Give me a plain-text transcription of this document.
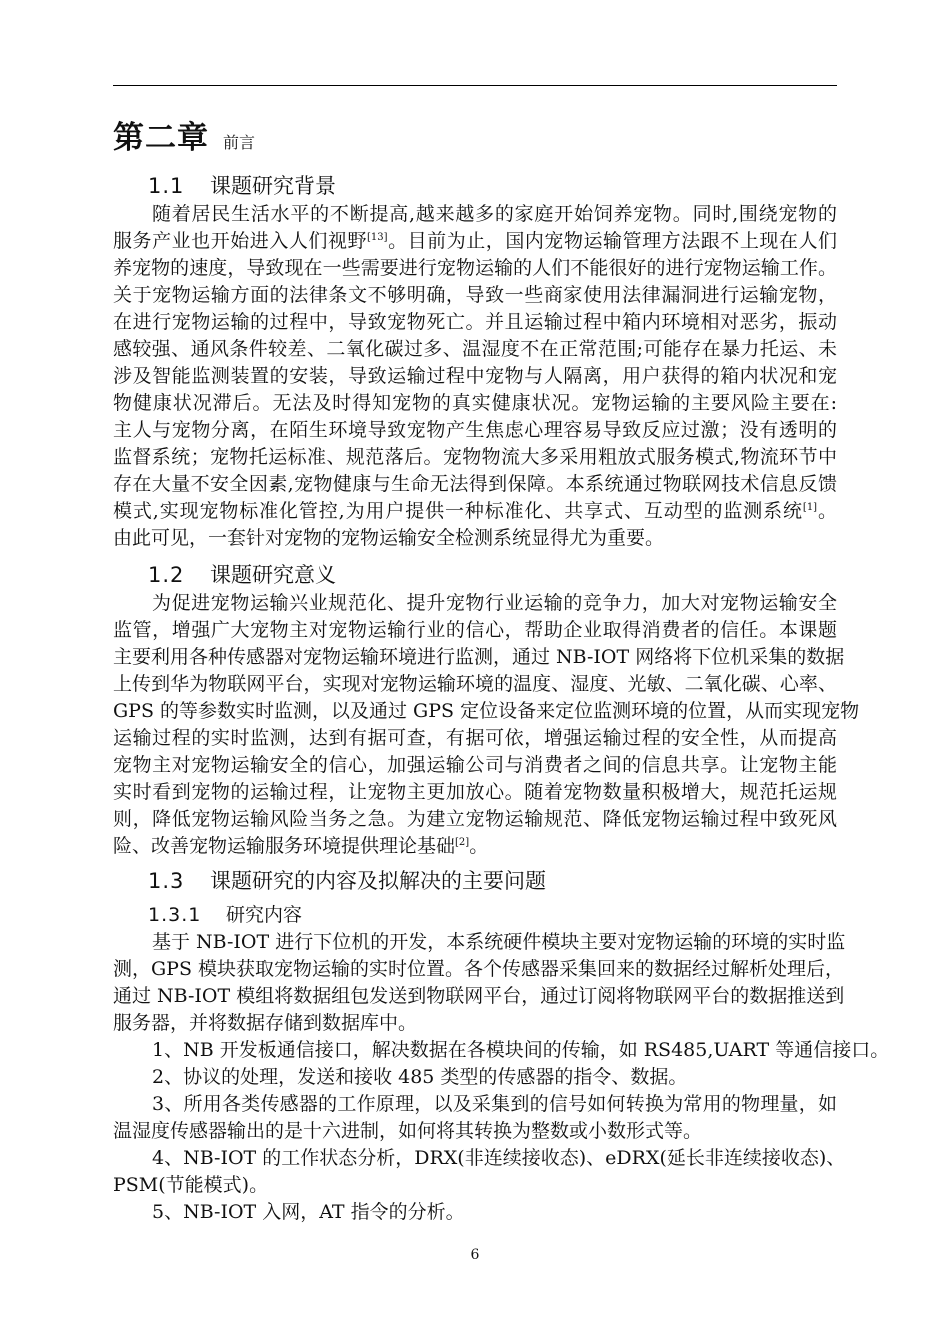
第二章 前言
1.1 课题研究背景
随着居民生活水平的不断提高,越来越多的家庭开始饲养宠物。同时,围绕宠物的
服务产业也开始进入人们视野[13]。目前为止，国内宠物运输管理方法跟不上现在人们
养宠物的速度，导致现在一些需要进行宠物运输的人们不能很好的进行宠物运输工作。
关于宠物运输方面的法律条文不够明确，导致一些商家使用法律漏洞进行运输宠物，
在进行宠物运输的过程中，导致宠物死亡。并且运输过程中箱内环境相对恶劣，振动
感较强、通风条件较差、二氧化碳过多、温湿度不在正常范围;可能存在暴力托运、未
涉及智能监测装置的安装，导致运输过程中宠物与人隔离，用户获得的箱内状况和宠
物健康状况滞后。无法及时得知宠物的真实健康状况。宠物运输的主要风险主要在:
主人与宠物分离，在陌生环境导致宠物产生焦虑心理容易导致反应过激；没有透明的
监督系统；宠物托运标准、规范落后。宠物物流大多采用粗放式服务模式,物流环节中
存在大量不安全因素,宠物健康与生命无法得到保障。本系统通过物联网技术信息反馈
模式,实现宠物标准化管控,为用户提供一种标准化、共享式、互动型的监测系统[1]。
由此可见，一套针对宠物的宠物运输安全检测系统显得尤为重要。
1.2 课题研究意义
为促进宠物运输兴业规范化、提升宠物行业运输的竞争力，加大对宠物运输安全
监管，增强广大宠物主对宠物运输行业的信心，帮助企业取得消费者的信任。本课题
主要利用各种传感器对宠物运输环境进行监测，通过 NB-IOT 网络将下位机采集的数据
上传到华为物联网平台，实现对宠物运输环境的温度、湿度、光敏、二氧化碳、心率、
GPS 的等参数实时监测，以及通过 GPS 定位设备来定位监测环境的位置，从而实现宠物
运输过程的实时监测，达到有据可查，有据可依，增强运输过程的安全性，从而提高
宠物主对宠物运输安全的信心，加强运输公司与消费者之间的信息共享。让宠物主能
实时看到宠物的运输过程，让宠物主更加放心。随着宠物数量积极增大，规范托运规
则，降低宠物运输风险当务之急。为建立宠物运输规范、降低宠物运输过程中致死风
险、改善宠物运输服务环境提供理论基础[2]。
1.3 课题研究的内容及拟解决的主要问题
1.3.1 研究内容
基于 NB-IOT 进行下位机的开发，本系统硬件模块主要对宠物运输的环境的实时监
测，GPS 模块获取宠物运输的实时位置。各个传感器采集回来的数据经过解析处理后，
通过 NB-IOT 模组将数据组包发送到物联网平台，通过订阅将物联网平台的数据推送到
服务器，并将数据存储到数据库中。
1、NB 开发板通信接口，解决数据在各模块间的传输，如 RS485,UART 等通信接口。
2、协议的处理，发送和接收 485 类型的传感器的指令、数据。
3、所用各类传感器的工作原理，以及采集到的信号如何转换为常用的物理量，如
温湿度传感器输出的是十六进制，如何将其转换为整数或小数形式等。
4、NB-IOT 的工作状态分析，DRX(非连续接收态)、eDRX(延长非连续接收态)、
PSM(节能模式)。
5、NB-IOT 入网，AT 指令的分析。
6
